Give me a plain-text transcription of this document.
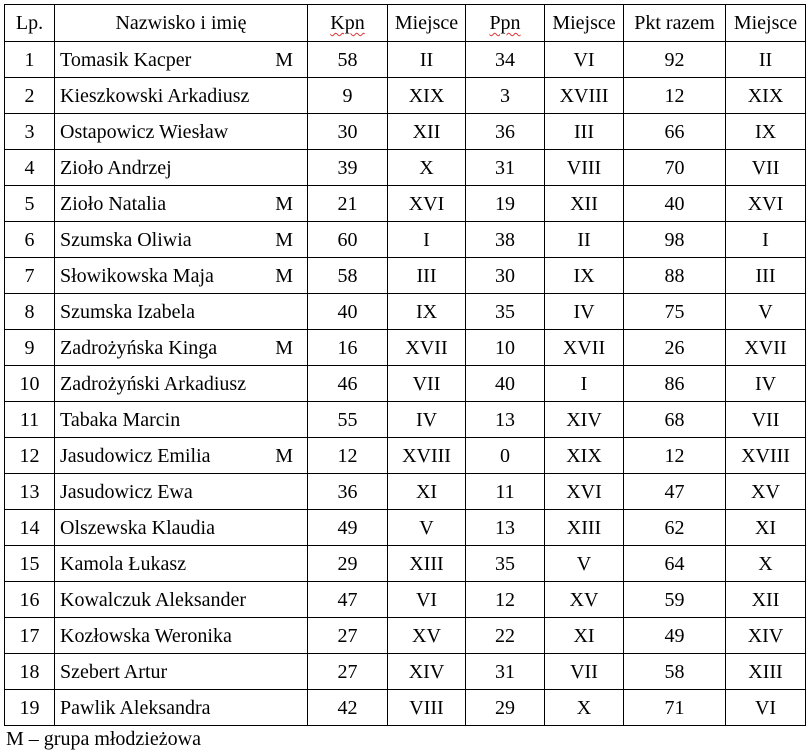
Lp.	Nazwisko i imię	Kpn	Miejsce	Ppn	Miejsce	Pkt razem	Miejsce
1	Tomasik Kacper M	58	II	34	VI	92	II
2	Kieszkowski Arkadiusz	9	XIX	3	XVIII	12	XIX
3	Ostapowicz Wiesław	30	XII	36	III	66	IX
4	Zioło Andrzej	39	X	31	VIII	70	VII
5	Zioło Natalia M	21	XVI	19	XII	40	XVI
6	Szumska Oliwia M	60	I	38	II	98	I
7	Słowikowska Maja M	58	III	30	IX	88	III
8	Szumska Izabela	40	IX	35	IV	75	V
9	Zadrożyńska Kinga M	16	XVII	10	XVII	26	XVII
10	Zadrożyński Arkadiusz	46	VII	40	I	86	IV
11	Tabaka Marcin	55	IV	13	XIV	68	VII
12	Jasudowicz Emilia M	12	XVIII	0	XIX	12	XVIII
13	Jasudowicz Ewa	36	XI	11	XVI	47	XV
14	Olszewska Klaudia	49	V	13	XIII	62	XI
15	Kamola Łukasz	29	XIII	35	V	64	X
16	Kowalczuk Aleksander	47	VI	12	XV	59	XII
17	Kozłowska Weronika	27	XV	22	XI	49	XIV
18	Szebert Artur	27	XIV	31	VII	58	XIII
19	Pawlik Aleksandra	42	VIII	29	X	71	VI
M – grupa młodzieżowa
